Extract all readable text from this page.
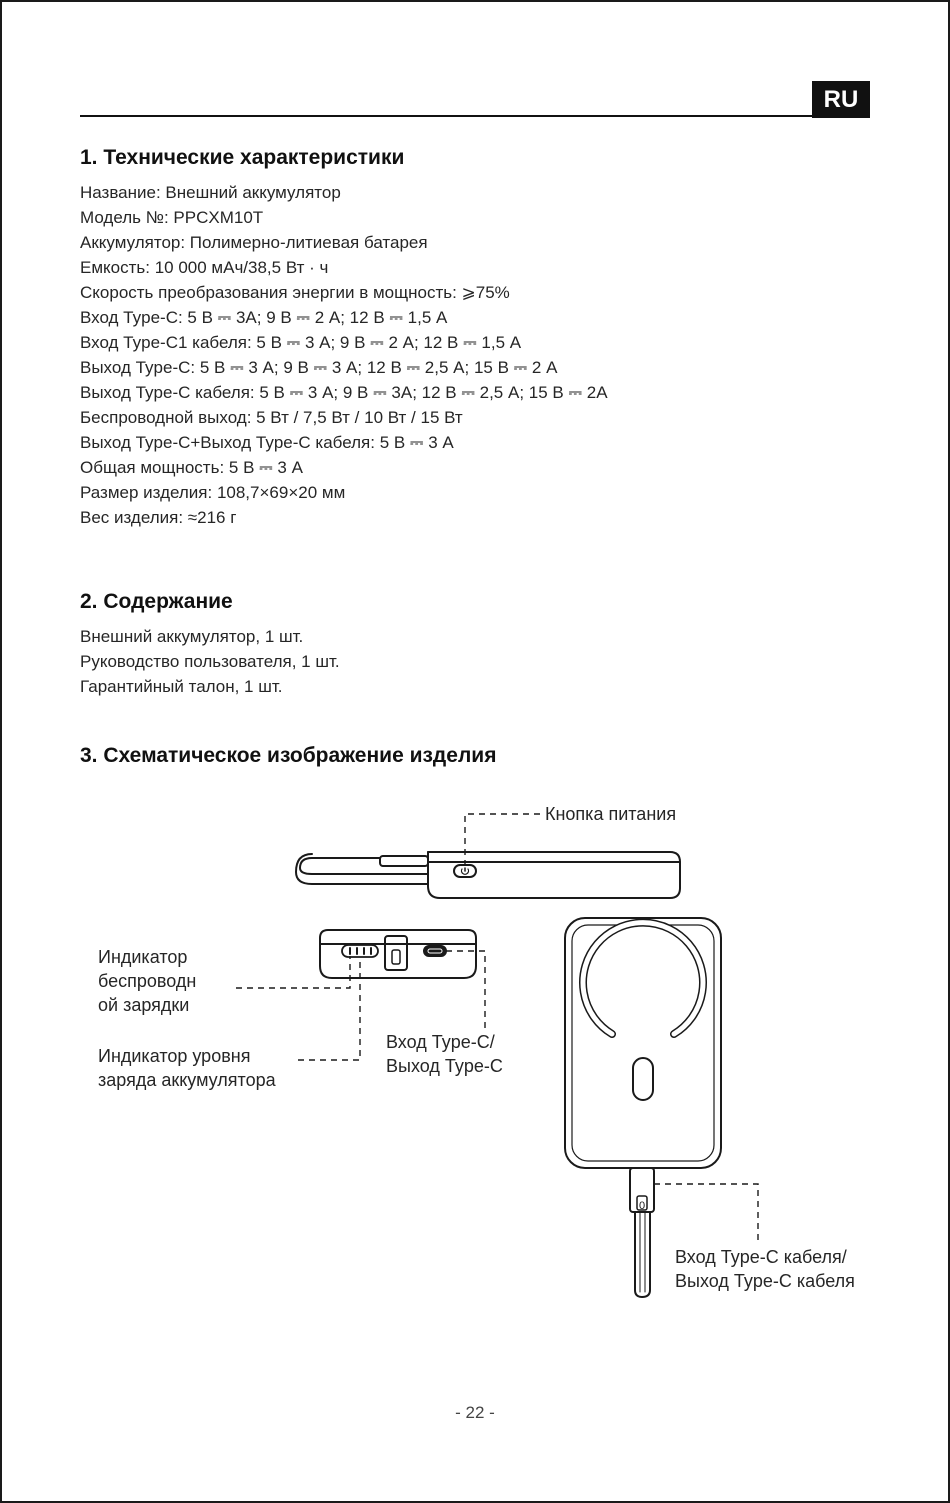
RU
1. Технические характеристики
Название: Внешний аккумулятор
Модель №: PPCXM10T
Аккумулятор: Полимерно-литиевая батарея
Емкость: 10 000 мАч/38,5 Вт · ч
Скорость преобразования энергии в мощность: ⩾75%
Вход Type-C: 5 В ⎓ 3А; 9 В ⎓ 2 А; 12 В ⎓ 1,5 А
Вход Type-C1 кабеля: 5 В ⎓ 3 А; 9 В ⎓ 2 А; 12 В ⎓ 1,5 А
Выход Type-C: 5 В ⎓ 3 А; 9 В ⎓ 3 А; 12 В ⎓ 2,5 А; 15 В ⎓ 2 А
Выход Type-C кабеля: 5 В ⎓ 3 А; 9 В ⎓ 3А; 12 В ⎓ 2,5 А; 15 В ⎓ 2А
Беспроводной выход: 5 Вт / 7,5 Вт / 10 Вт / 15 Вт
Выход Type-C+Выход Type-C кабеля: 5 В ⎓ 3 А
Общая мощность: 5 В ⎓ 3 А
Размер изделия: 108,7×69×20 мм
Вес изделия: ≈216 г
2. Содержание
Внешний аккумулятор, 1 шт.
Руководство пользователя, 1 шт.
Гарантийный талон, 1 шт.
3. Схематическое изображение изделия
0
Кнопка питания
Индикатор
беспроводн
ой зарядки
Индикатор уровня
заряда аккумулятора
Вход Type-C/
Выход Type-C
Вход Type-C кабеля/
Выход Type-C кабеля
- 22 -
